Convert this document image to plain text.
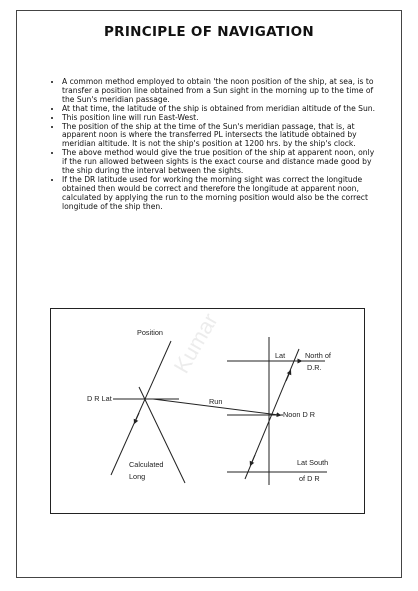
PRINCIPLE OF NAVIGATION
• A common method employed to obtain 'the noon position of the ship, at sea, is to transfer a position line obtained from a Sun sight in the morning up to the time of the Sun's meridian passage.
• At that time, the latitude of the ship is obtained from meridian altitude of the Sun.
• This position line will run East-West.
• The position of the ship at the time of the Sun's meridian passage, that is, at apparent noon is where the transferred PL intersects the latitude obtained by meridian altitude. It is not the ship's position at 1200 hrs. by the ship's clock.
• The above method would give the true position of the ship at apparent noon, only if the run allowed between sights is the exact course and distance made good by the ship during the interval between the sights.
• If the DR latitude used for working the morning sight was correct the longitude obtained then would be correct and therefore the longitude at apparent noon, calculated by applying the run to the morning position would also be the correct longitude of the ship then.
Kumar
Position
D R Lat	Run
Lat	North of
D.R.
Noon D R
Calculated
Long
Lat South
of D R
